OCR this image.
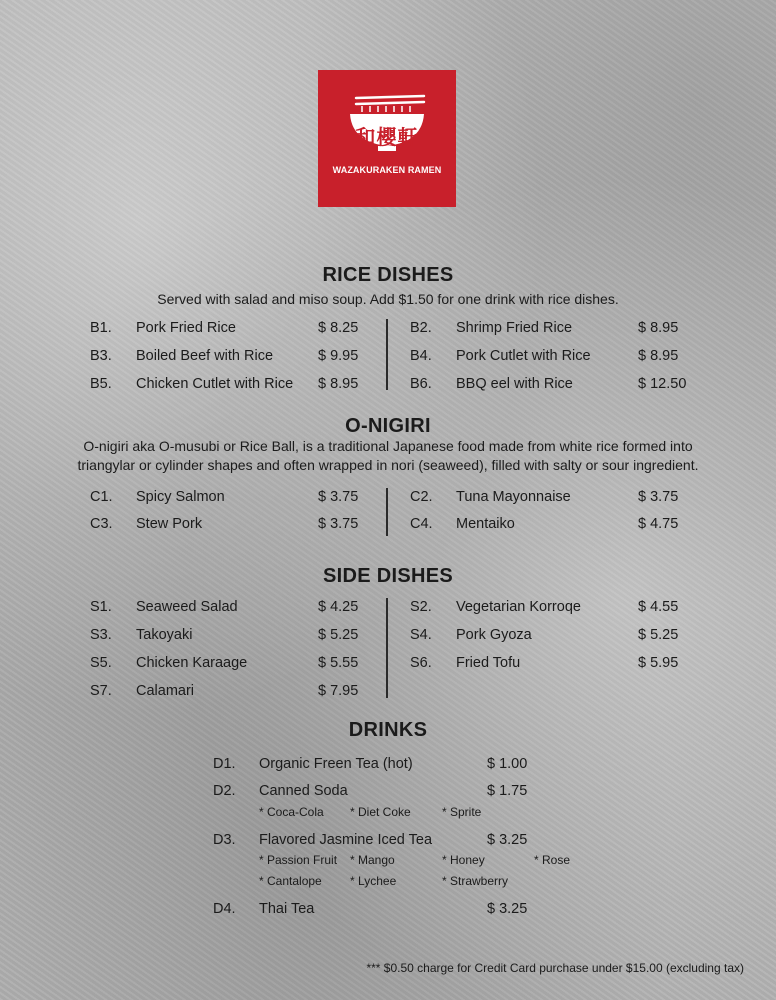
和櫻軒
WAZAKURAKEN RAMEN
RICE DISHES
Served with salad and miso soup. Add $1.50 for one drink with rice dishes.
B1. Pork Fried Rice	$ 8.25
B3. Boiled Beef with Rice	$ 9.95
B5. Chicken Cutlet with Rice $ 8.95
B2. Shrimp Fried Rice	$ 8.95
B4. Pork Cutlet with Rice	$ 8.95
B6. BBQ eel with Rice	$ 12.50
O-NIGIRI
O-nigiri aka O-musubi or Rice Ball, is a traditional Japanese food made from white rice formed into
triangylar or cylinder shapes and often wrapped in nori (seaweed), filled with salty or sour ingredient.
C1. Spicy Salmon	$ 3.75
C3. Stew Pork	$ 3.75
C2. Tuna Mayonnaise	$ 3.75
C4. Mentaiko	$ 4.75
SIDE DISHES
S1. Seaweed Salad	$ 4.25
S3. Takoyaki	$ 5.25
S5. Chicken Karaage	$ 5.55
S7. Calamari	$ 7.95
S2. Vegetarian Korroqe	$ 4.55
S4. Pork Gyoza	$ 5.25
S6. Fried Tofu	$ 5.95
DRINKS
D1. Organic Freen Tea (hot)	$ 1.00
D2. Canned Soda	$ 1.75
* Coca-Cola * Diet Coke	* Sprite
D3. Flavored Jasmine Iced Tea	$ 3.25
* Passion Fruit * Mango	* Honey	* Rose
* Cantalope * Lychee	* Strawberry
D4. Thai Tea	$ 3.25
*** $0.50 charge for Credit Card purchase under $15.00 (excluding tax)
